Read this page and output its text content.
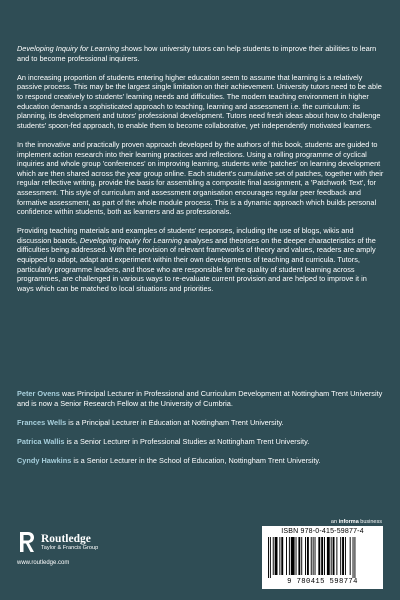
Developing Inquiry for Learning shows how university tutors can help students to improve their abilities to learn and to become professional inquirers.

An increasing proportion of students entering higher education seem to assume that learning is a relatively passive process. This may be the largest single limitation on their achievement. University tutors need to be able to respond creatively to students' learning needs and difficulties. The modern teaching environment in higher education demands a sophisticated approach to teaching, learning and assessment i.e. the curriculum: its planning, its development and tutors' professional development. Tutors need fresh ideas about how to challenge students' spoon-fed approach, to enable them to become collaborative, yet independently motivated learners.

In the innovative and practically proven approach developed by the authors of this book, students are guided to implement action research into their learning practices and reflections. Using a rolling programme of cyclical inquiries and whole group 'conferences' on improving learning, students write 'patches' on learning development which are then shared across the year group online. Each student's cumulative set of patches, together with their regular reflective writing, provide the basis for assembling a composite final assignment, a 'Patchwork Text', for assessment. This style of curriculum and assessment organisation encourages regular peer feedback and formative assessment, as part of the whole module process. This is a dynamic approach which builds personal confidence within students, both as learners and as professionals.

Providing teaching materials and examples of students' responses, including the use of blogs, wikis and discussion boards, Developing Inquiry for Learning analyses and theorises on the deeper characteristics of the difficulties being addressed. With the provision of relevant frameworks of theory and values, readers are amply equipped to adopt, adapt and experiment within their own developments of teaching and curricula. Tutors, particularly programme leaders, and those who are responsible for the quality of student learning across programmes, are challenged in various ways to re-evaluate current provision and are helped to improve it in ways which can be matched to local situations and priorities.

Peter Ovens was Principal Lecturer in Professional and Curriculum Development at Nottingham Trent University and is now a Senior Research Fellow at the University of Cumbria.

Frances Wells is a Principal Lecturer in Education at Nottingham Trent University.

Patrica Wallis is a Senior Lecturer in Professional Studies at Nottingham Trent University.

Cyndy Hawkins is a Senior Lecturer in the School of Education, Nottingham Trent University.

Routledge
Taylor & Francis Group
www.routledge.com
an informa business
ISBN 978-0-415-59877-4
9 780415 598774
